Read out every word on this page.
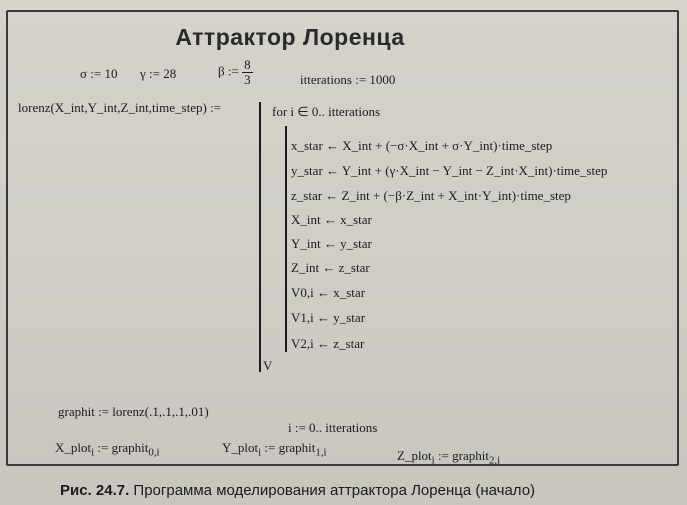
Аттрактор Лоренца
σ := 10 γ := 28	β := $\frac{8}{3}$	itterations := 1000
lorenz(X_int,Y_int,Z_int,time_step) :=	for i ∈ 0.. itterations
x_star ← X_int + (−σ·X_int + σ·Y_int)·time_step
y_star ← Y_int + (γ·X_int − Y_int − Z_int·X_int)·time_step
z_star ← Z_int + (−β·Z_int + X_int·Y_int)·time_step
X_int ← x_star
Y_int ← y_star
Z_int ← z_star
V0,i ← x_star
V1,i ← y_star
V2,i ← z_star
V
graphit := lorenz(.1,.1,.1,.01)
i := 0.. itterations
X_plot$_i$ := graphit$_{0,i}$	Y_plot$_i$ := graphit$_{1,i}$	Z_plot$_i$ := graphit$_{2,i}$
Рис. 24.7. Программа моделирования аттрактора Лоренца (начало)
